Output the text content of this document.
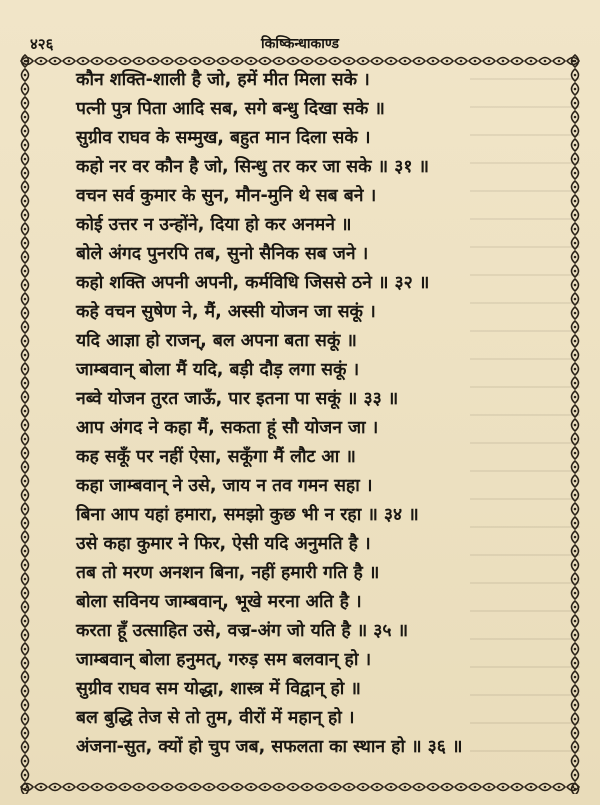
४२६	किष्किन्धाकाण्ड
कौन शक्ति-शाली है जो, हमें मीत मिला सके ।
पत्नी पुत्र पिता आदि सब, सगे बन्धु दिखा सके ॥
सुग्रीव राघव के सम्मुख, बहुत मान दिला सके ।
कहो नर वर कौन है जो, सिन्धु तर कर जा सके ॥ ३१ ॥
वचन सर्व कुमार के सुन, मौन-मुनि थे सब बने ।
कोई उत्तर न उन्होंने, दिया हो कर अनमने ॥
बोले अंगद पुनरपि तब, सुनो सैनिक सब जने ।
कहो शक्ति अपनी अपनी, कर्मविधि जिससे ठने ॥ ३२ ॥
कहे वचन सुषेण ने, मैं, अस्सी योजन जा सकूं ।
यदि आज्ञा हो राजन्, बल अपना बता सकूं ॥
जाम्बवान् बोला मैं यदि, बड़ी दौड़ लगा सकूं ।
नब्वे योजन तुरत जाऊँ, पार इतना पा सकूं ॥ ३३ ॥
आप अंगद ने कहा मैं, सकता हूं सौ योजन जा ।
कह सकूँ पर नहीं ऐसा, सकूँगा मैं लौट आ ॥
कहा जाम्बवान् ने उसे, जाय न तव गमन सहा ।
बिना आप यहां हमारा, समझो कुछ भी न रहा ॥ ३४ ॥
उसे कहा कुमार ने फिर, ऐसी यदि अनुमति है ।
तब तो मरण अनशन बिना, नहीं हमारी गति है ॥
बोला सविनय जाम्बवान्, भूखे मरना अति है ।
करता हूँ उत्साहित उसे, वज्र-अंग जो यति है ॥ ३५ ॥
जाम्बवान् बोला हनुमत्, गरुड़ सम बलवान् हो ।
सुग्रीव राघव सम योद्धा, शास्त्र में विद्वान् हो ॥
बल बुद्धि तेज से तो तुम, वीरों में महान् हो ।
अंजना-सुत, क्यों हो चुप जब, सफलता का स्थान हो ॥ ३६ ॥
